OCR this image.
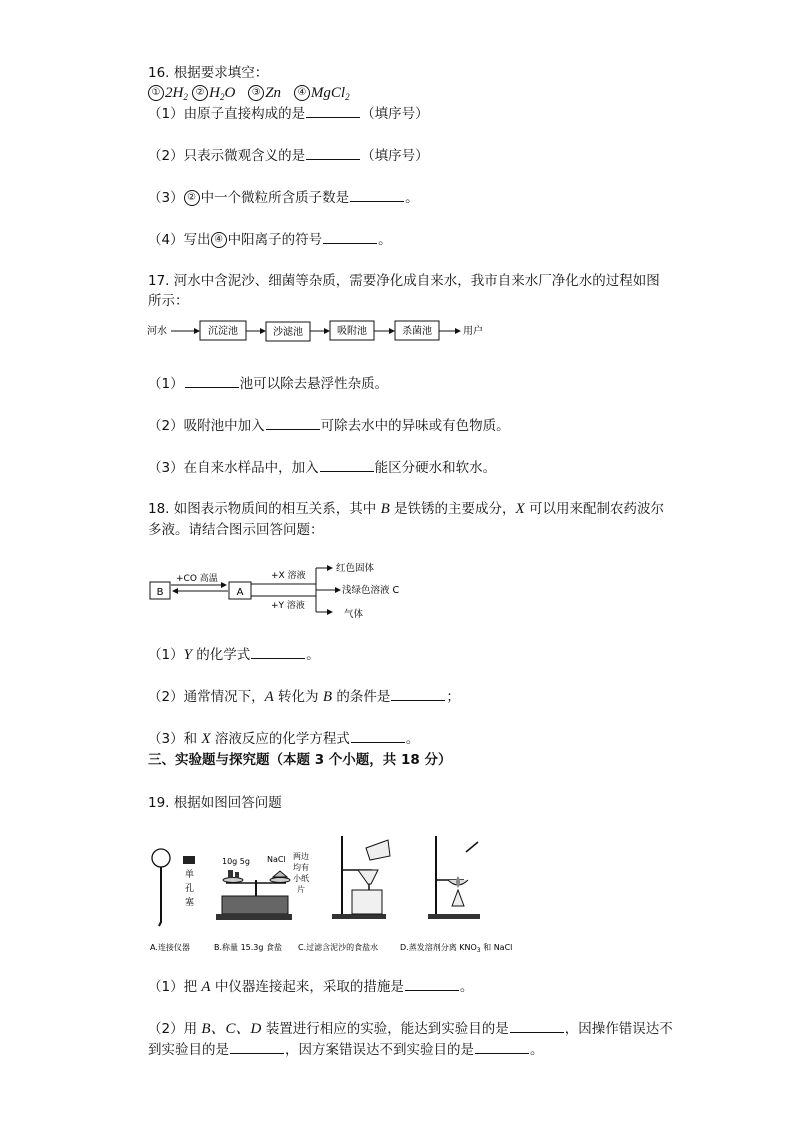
16. 根据要求填空：
① $2H_2$ ② $H_2O$ ③ Zn ④ MgCl$_2$
（1）由原子直接构成的是	（填序号）
（2）只表示微观含义的是	（填序号）
（3） ② 中一个微粒所含质子数是	。
（4）写出 ④ 中阳离子的符号	。
17. 河水中含泥沙、细菌等杂质，需要净化成自来水，我市自来水厂净化水的过程如图
所示：
河水	沉淀池	沙滤池	吸附池	杀菌池	用户
（1）	池可以除去悬浮性杂质。
（2）吸附池中加入	可除去水中的异味或有色物质。
（3）在自来水样品中，加入	能区分硬水和软水。
18. 如图表示物质间的相互关系，其中 B 是铁锈的主要成分，X 可以用来配制农药波尔
多液。请结合图示回答问题：
B
+CO 高温
A
+X 溶液
+Y 溶液
红色固体
浅绿色溶液 C
气体
（1）Y 的化学式	。
（2）通常情况下，A 转化为 B 的条件是	；
（3）和 X 溶液反应的化学方程式	。
三、实验题与探究题（本题 3 个小题，共 18 分）
19. 根据如图回答问题
单
孔
塞
10g 5g NaCl 两边
均有
小纸
片
A.连接仪器	B.称量 15.3g 食盐 C.过滤含泥沙的食盐水	D.蒸发溶剂分离 $KNO_3$ 和 NaCl
（1）把 A 中仪器连接起来，采取的措施是	。
（2）用 B、C、D 装置进行相应的实验，能达到实验目的是	，因操作错误达不
到实验目的是	，因方案错误达不到实验目的是	。
